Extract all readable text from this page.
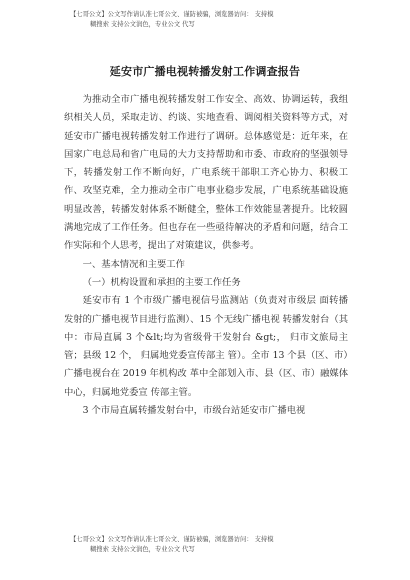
【七哥公文】公文写作请认准七哥公文、谨防被骗，浏览器访问： 支持模
糊搜索 支持公文润色，专业公文 代写
延安市广播电视转播发射工作调查报告

为推动全市广播电视转播发射工作安全、高效、协调运转，我组织相关人员，采取走访、约谈、实地查看、调阅相关资料等方式，对延安市广播电视转播发射工作进行了调研。总体感觉是：近年来，在国家广电总局和省广电局的大力支持帮助和市委、市政府的坚强领导下，转播发射工作不断向好，广电系统干部职工齐心协力、积极工作、攻坚克难，全力推动全市广电事业稳步发展，广电系统基础设施明显改善，转播发射体系不断健全，整体工作效能显著提升。比较圆满地完成了工作任务。但也存在一些亟待解决的矛盾和问题，结合工作实际和个人思考，提出了对策建议，供参考。

一、基本情况和主要工作

（一）机构设置和承担的主要工作任务

延安市有 1 个市级广播电视信号监测站（负责对市级层 面转播发射的广播电视节目进行监测）、15 个无线广播电视 转播发射台（其中：市局直属 3 个&lt;均为省级骨干发射台 &gt;， 归市文旅局主管；县级 12 个， 归属地党委宣传部主 管）。全市 13 个县（区、市）广播电视台在 2019 年机构改 革中全部划入市、县（区、市）融媒体中心，归属地党委宣 传部主管。

3 个市局直属转播发射台中，市级台站延安市广播电视

【七哥公文】公文写作请认准七哥公文、谨防被骗，浏览器访问： 支持模
糊搜索 支持公文润色，专业公文 代写
